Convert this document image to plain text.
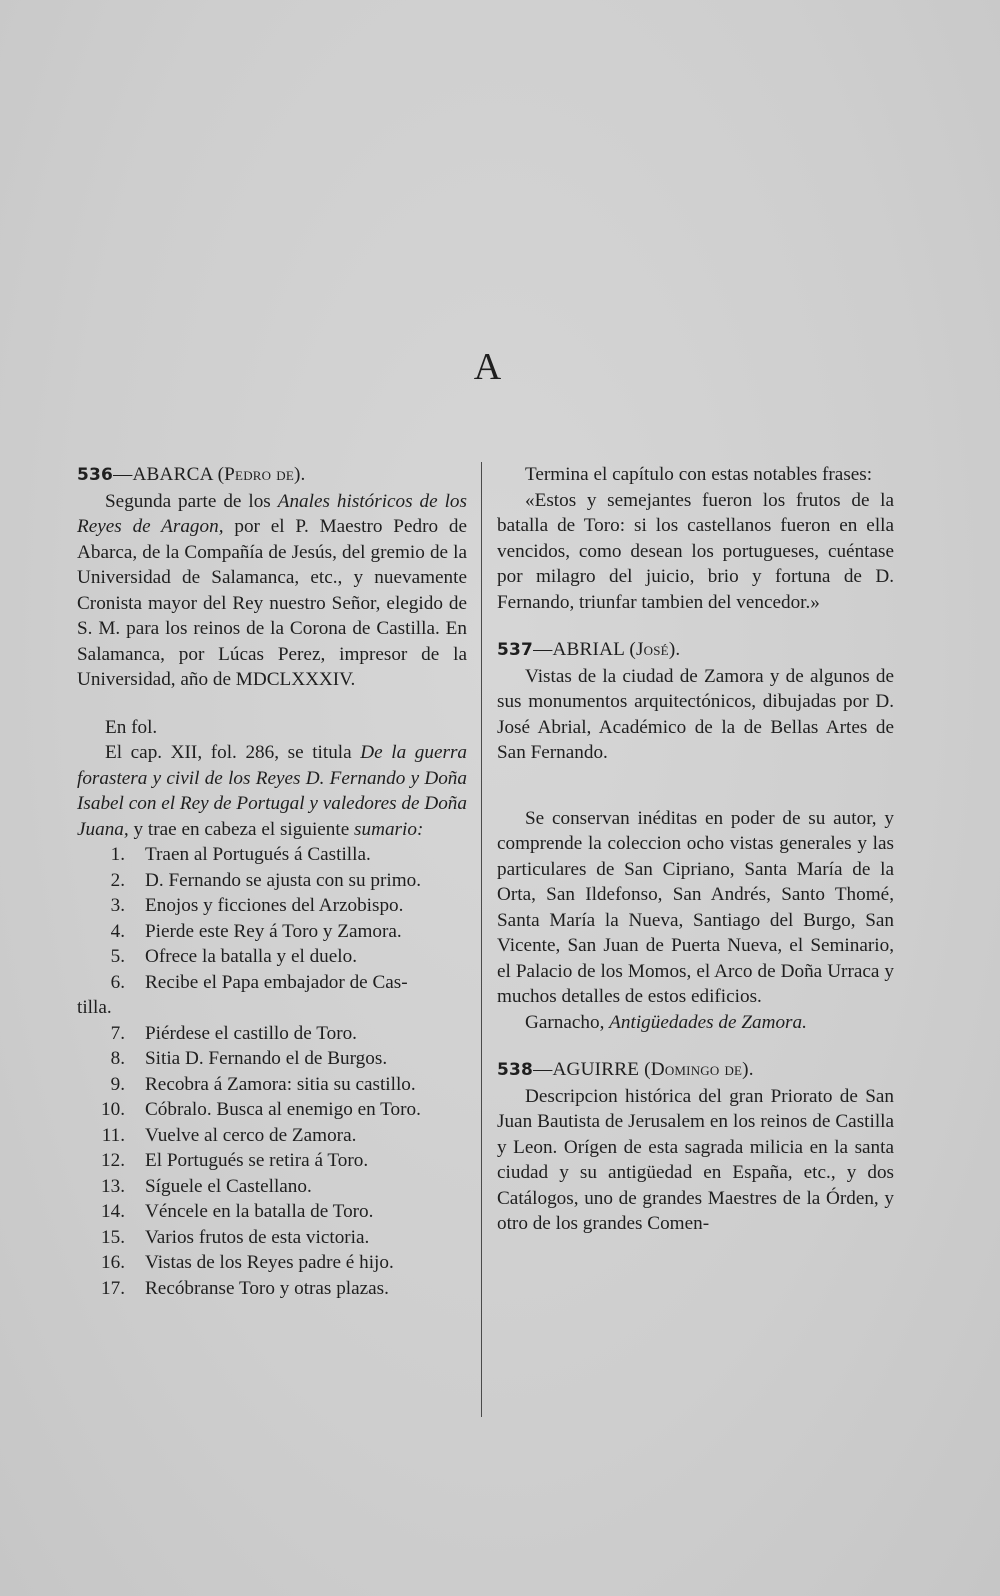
A

536—ABARCA (Pedro de).

Segunda parte de los Anales históricos de los Reyes de Aragon, por el P. Maestro Pedro de Abarca, de la Compañía de Jesús, del gremio de la Universidad de Salamanca, etc., y nuevamente Cronista mayor del Rey nuestro Señor, elegido de S. M. para los reinos de la Corona de Castilla. En Salamanca, por Lúcas Perez, impresor de la Universidad, año de MDCLXXXIV.

En fol.

El cap. XII, fol. 286, se titula De la guerra forastera y civil de los Reyes D. Fernando y Doña Isabel con el Rey de Portugal y valedores de Doña Juana, y trae en cabeza el siguiente sumario:

1. Traen al Portugués á Castilla.
2. D. Fernando se ajusta con su primo.
3. Enojos y ficciones del Arzobispo.
4. Pierde este Rey á Toro y Zamora.
5. Ofrece la batalla y el duelo.
6.	Recibe el Papa embajador de Cas-
tilla.
7. Piérdese el castillo de Toro.
8. Sitia D. Fernando el de Burgos.
9. Recobra á Zamora: sitia su castillo.
10. Cóbralo. Busca al enemigo en Toro.
11. Vuelve al cerco de Zamora.
12. El Portugués se retira á Toro.
13. Síguele el Castellano.
14. Véncele en la batalla de Toro.
15. Varios frutos de esta victoria.
16. Vistas de los Reyes padre é hijo.
17. Recóbranse Toro y otras plazas.

Termina el capítulo con estas notables frases:

«Estos y semejantes fueron los frutos de la batalla de Toro: si los castellanos fueron en ella vencidos, como desean los portugueses, cuéntase por milagro del juicio, brio y fortuna de D. Fernando, triunfar tambien del vencedor.»

537—ABRIAL (José).

Vistas de la ciudad de Zamora y de algunos de sus monumentos arquitectónicos, dibujadas por D. José Abrial, Académico de la de Bellas Artes de San Fernando.

Se conservan inéditas en poder de su autor, y comprende la coleccion ocho vistas generales y las particulares de San Cipriano, Santa María de la Orta, San Ildefonso, San Andrés, Santo Thomé, Santa María la Nueva, Santiago del Burgo, San Vicente, San Juan de Puerta Nueva, el Seminario, el Palacio de los Momos, el Arco de Doña Urraca y muchos detalles de estos edificios.

Garnacho, Antigüedades de Zamora.

538—AGUIRRE (Domingo de).

Descripcion histórica del gran Priorato de San Juan Bautista de Jerusalem en los reinos de Castilla y Leon. Orígen de esta sagrada milicia en la santa ciudad y su antigüedad en España, etc., y dos Catálogos, uno de grandes Maestres de la Órden, y otro de los grandes Comen-
